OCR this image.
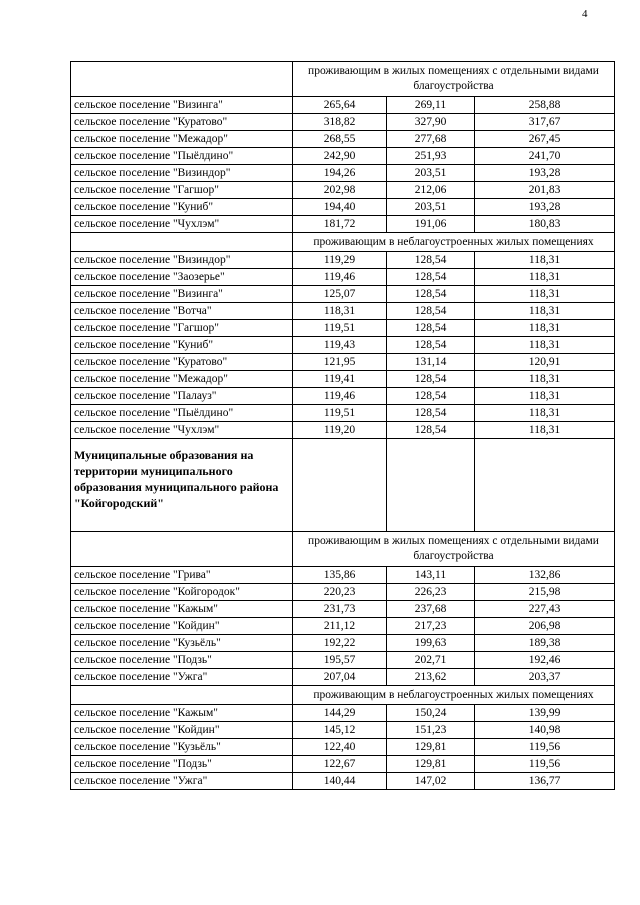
4
	проживающим в жилых помещениях с отдельными видами благоустройства		
сельское поселение "Визинга"	265,64	269,11	258,88
сельское поселение "Куратово"	318,82	327,90	317,67
сельское поселение "Межадор"	268,55	277,68	267,45
сельское поселение "Пыёлдино"	242,90	251,93	241,70
сельское поселение "Визиндор"	194,26	203,51	193,28
сельское поселение "Гагшор"	202,98	212,06	201,83
сельское поселение "Куниб"	194,40	203,51	193,28
сельское поселение "Чухлэм"	181,72	191,06	180,83
	проживающим в неблагоустроенных жилых помещениях		
сельское поселение "Визиндор"	119,29	128,54	118,31
сельское поселение "Заозерье"	119,46	128,54	118,31
сельское поселение "Визинга"	125,07	128,54	118,31
сельское поселение "Вотча"	118,31	128,54	118,31
сельское поселение "Гагшор"	119,51	128,54	118,31
сельское поселение "Куниб"	119,43	128,54	118,31
сельское поселение "Куратово"	121,95	131,14	120,91
сельское поселение "Межадор"	119,41	128,54	118,31
сельское поселение "Палауз"	119,46	128,54	118,31
сельское поселение "Пыёлдино"	119,51	128,54	118,31
сельское поселение "Чухлэм"	119,20	128,54	118,31
Муниципальные образования на территории муниципального образования муниципального района "Койгородский"			
	проживающим в жилых помещениях с отдельными видами благоустройства		
сельское поселение "Грива"	135,86	143,11	132,86
сельское поселение "Койгородок"	220,23	226,23	215,98
сельское поселение "Кажым"	231,73	237,68	227,43
сельское поселение "Койдин"	211,12	217,23	206,98
сельское поселение "Кузьёль"	192,22	199,63	189,38
сельское поселение "Подзь"	195,57	202,71	192,46
сельское поселение "Ужга"	207,04	213,62	203,37
	проживающим в неблагоустроенных жилых помещениях		
сельское поселение "Кажым"	144,29	150,24	139,99
сельское поселение "Койдин"	145,12	151,23	140,98
сельское поселение "Кузьёль"	122,40	129,81	119,56
сельское поселение "Подзь"	122,67	129,81	119,56
сельское поселение "Ужга"	140,44	147,02	136,77
